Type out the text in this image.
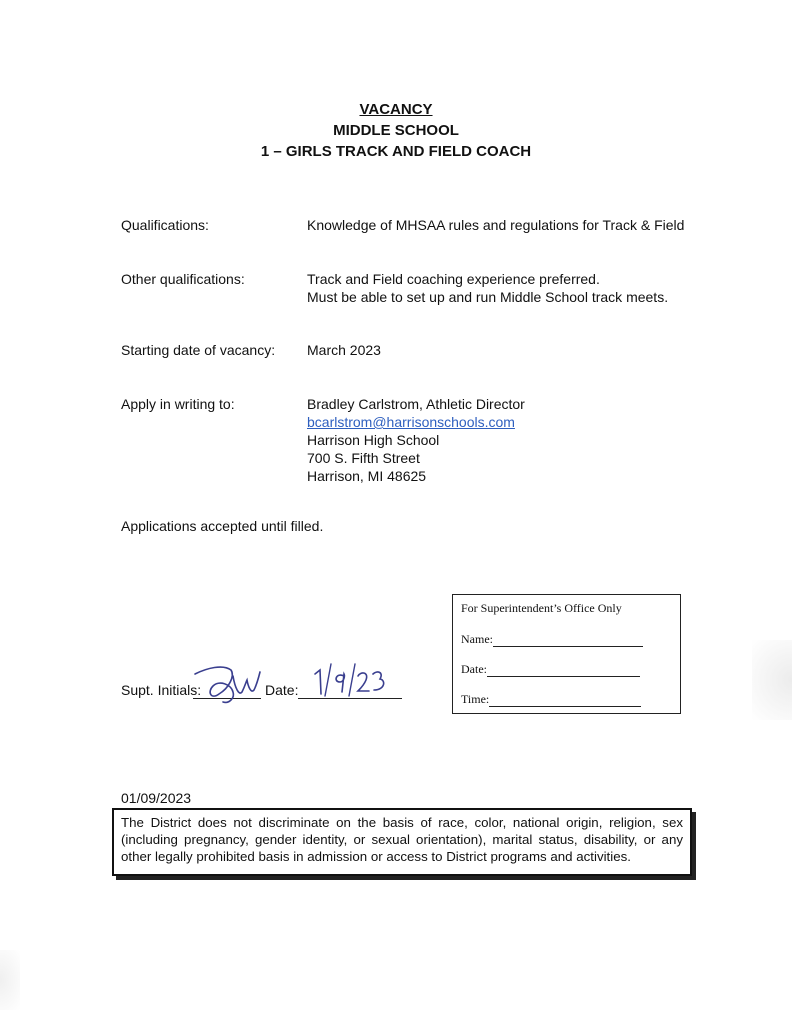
VACANCY
MIDDLE SCHOOL
1 – GIRLS TRACK AND FIELD COACH
Qualifications:	Knowledge of MHSAA rules and regulations for Track & Field
Other qualifications:	Track and Field coaching experience preferred.
Must be able to set up and run Middle School track meets.
Starting date of vacancy: March 2023
Apply in writing to:	Bradley Carlstrom, Athletic Director
bcarlstrom@harrisonschools.com
Harrison High School
700 S. Fifth Street
Harrison, MI 48625
Applications accepted until filled.
For Superintendent’s Office Only
Name:
Date:
Time:
Supt. Initials:	Date:
01/09/2023
The District does not discriminate on the basis of race, color, national origin, religion, sex (including pregnancy, gender identity, or sexual orientation), marital status, disability, or any other legally prohibited basis in admission or access to District programs and activities.
